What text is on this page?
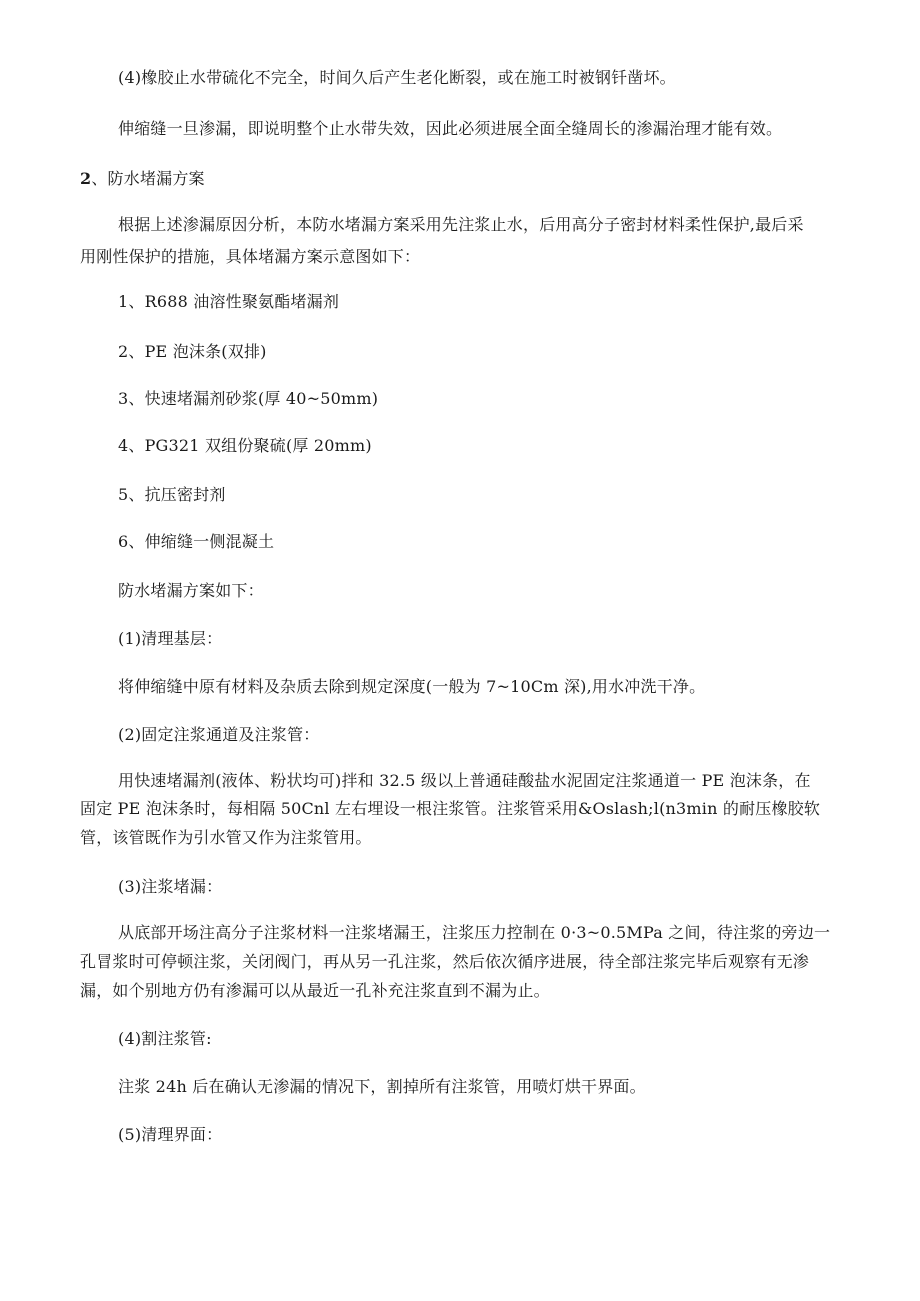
(4)橡胶止水带硫化不完全，时间久后产生老化断裂，或在施工时被钢钎凿坏。
伸缩缝一旦渗漏，即说明整个止水带失效，因此必须进展全面全缝周长的渗漏治理才能有效。
2、防水堵漏方案
根据上述渗漏原因分析，本防水堵漏方案采用先注浆止水，后用高分子密封材料柔性保护,最后采
用刚性保护的措施，具体堵漏方案示意图如下：
1、R688 油溶性聚氨酯堵漏剂
2、PE 泡沫条(双排)
3、快速堵漏剂砂浆(厚 40~50mm)
4、PG321 双组份聚硫(厚 20mm)
5、抗压密封剂
6、伸缩缝一侧混凝土
防水堵漏方案如下：
(1)清理基层：
将伸缩缝中原有材料及杂质去除到规定深度(一般为 7~10Cm 深),用水冲洗干净。
(2)固定注浆通道及注浆管：
用快速堵漏剂(液体、粉状均可)拌和 32.5 级以上普通硅酸盐水泥固定注浆通道一 PE 泡沫条，在
固定 PE 泡沫条时，每相隔 50Cnl 左右埋设一根注浆管。注浆管采用&Oslash;l(n3min 的耐压橡胶软
管，该管既作为引水管又作为注浆管用。
(3)注浆堵漏：
从底部开场注高分子注浆材料一注浆堵漏王，注浆压力控制在 0·3~0.5MPa 之间，待注浆的旁边一
孔冒浆时可停顿注浆，关闭阀门，再从另一孔注浆，然后依次循序进展，待全部注浆完毕后观察有无渗
漏，如个别地方仍有渗漏可以从最近一孔补充注浆直到不漏为止。
(4)割注浆管:
注浆 24h 后在确认无渗漏的情况下，割掉所有注浆管，用喷灯烘干界面。
(5)清理界面：
